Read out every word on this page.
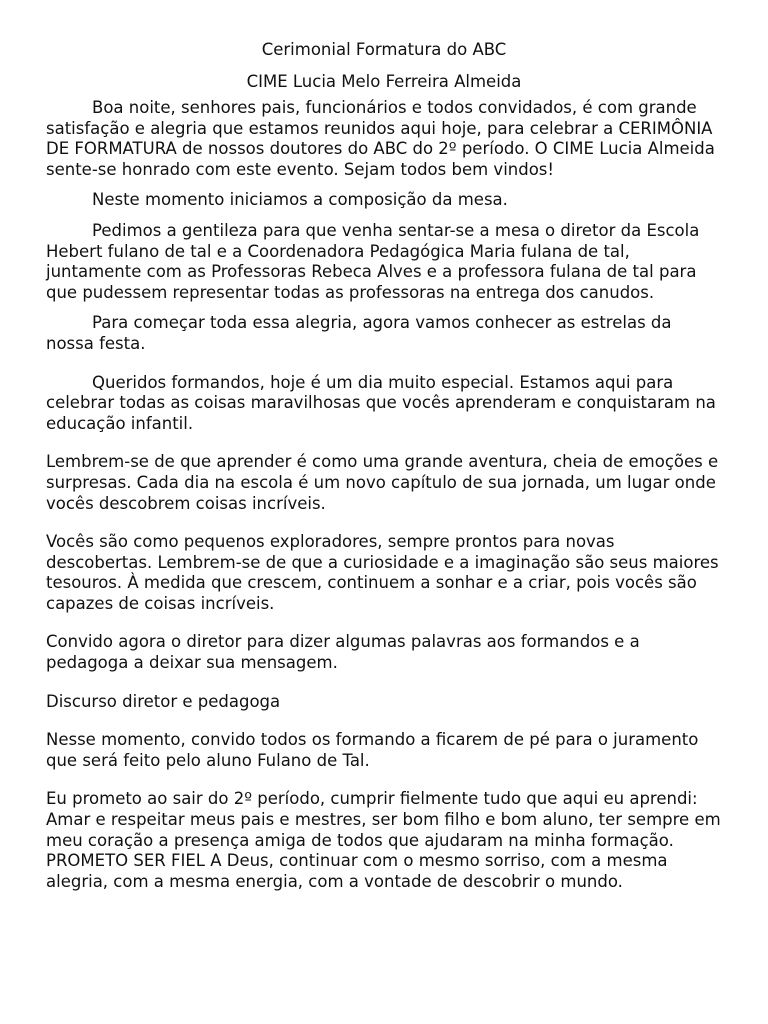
Cerimonial Formatura do ABC
CIME Lucia Melo Ferreira Almeida

Boa noite, senhores pais, funcionários e todos convidados, é com grande satisfação e alegria que estamos reunidos aqui hoje, para celebrar a CERIMÔNIA DE FORMATURA de nossos doutores do ABC do 2º período. O CIME Lucia Almeida sente-se honrado com este evento. Sejam todos bem vindos!

Neste momento iniciamos a composição da mesa.

Pedimos a gentileza para que venha sentar-se a mesa o diretor da Escola Hebert fulano de tal e a Coordenadora Pedagógica Maria fulana de tal, juntamente com as Professoras Rebeca Alves e a professora fulana de tal para que pudessem representar todas as professoras na entrega dos canudos.

Para começar toda essa alegria, agora vamos conhecer as estrelas da nossa festa.

Queridos formandos, hoje é um dia muito especial. Estamos aqui para celebrar todas as coisas maravilhosas que vocês aprenderam e conquistaram na educação infantil.

Lembrem-se de que aprender é como uma grande aventura, cheia de emoções e surpresas. Cada dia na escola é um novo capítulo de sua jornada, um lugar onde vocês descobrem coisas incríveis.

Vocês são como pequenos exploradores, sempre prontos para novas descobertas. Lembrem-se de que a curiosidade e a imaginação são seus maiores tesouros. À medida que crescem, continuem a sonhar e a criar, pois vocês são capazes de coisas incríveis.

Convido agora o diretor para dizer algumas palavras aos formandos e a pedagoga a deixar sua mensagem.

Discurso diretor e pedagoga

Nesse momento, convido todos os formando a ficarem de pé para o juramento que será feito pelo aluno Fulano de Tal.

Eu prometo ao sair do 2º período, cumprir fielmente tudo que aqui eu aprendi: Amar e respeitar meus pais e mestres, ser bom filho e bom aluno, ter sempre em meu coração a presença amiga de todos que ajudaram na minha formação. PROMETO SER FIEL A Deus, continuar com o mesmo sorriso, com a mesma alegria, com a mesma energia, com a vontade de descobrir o mundo.
